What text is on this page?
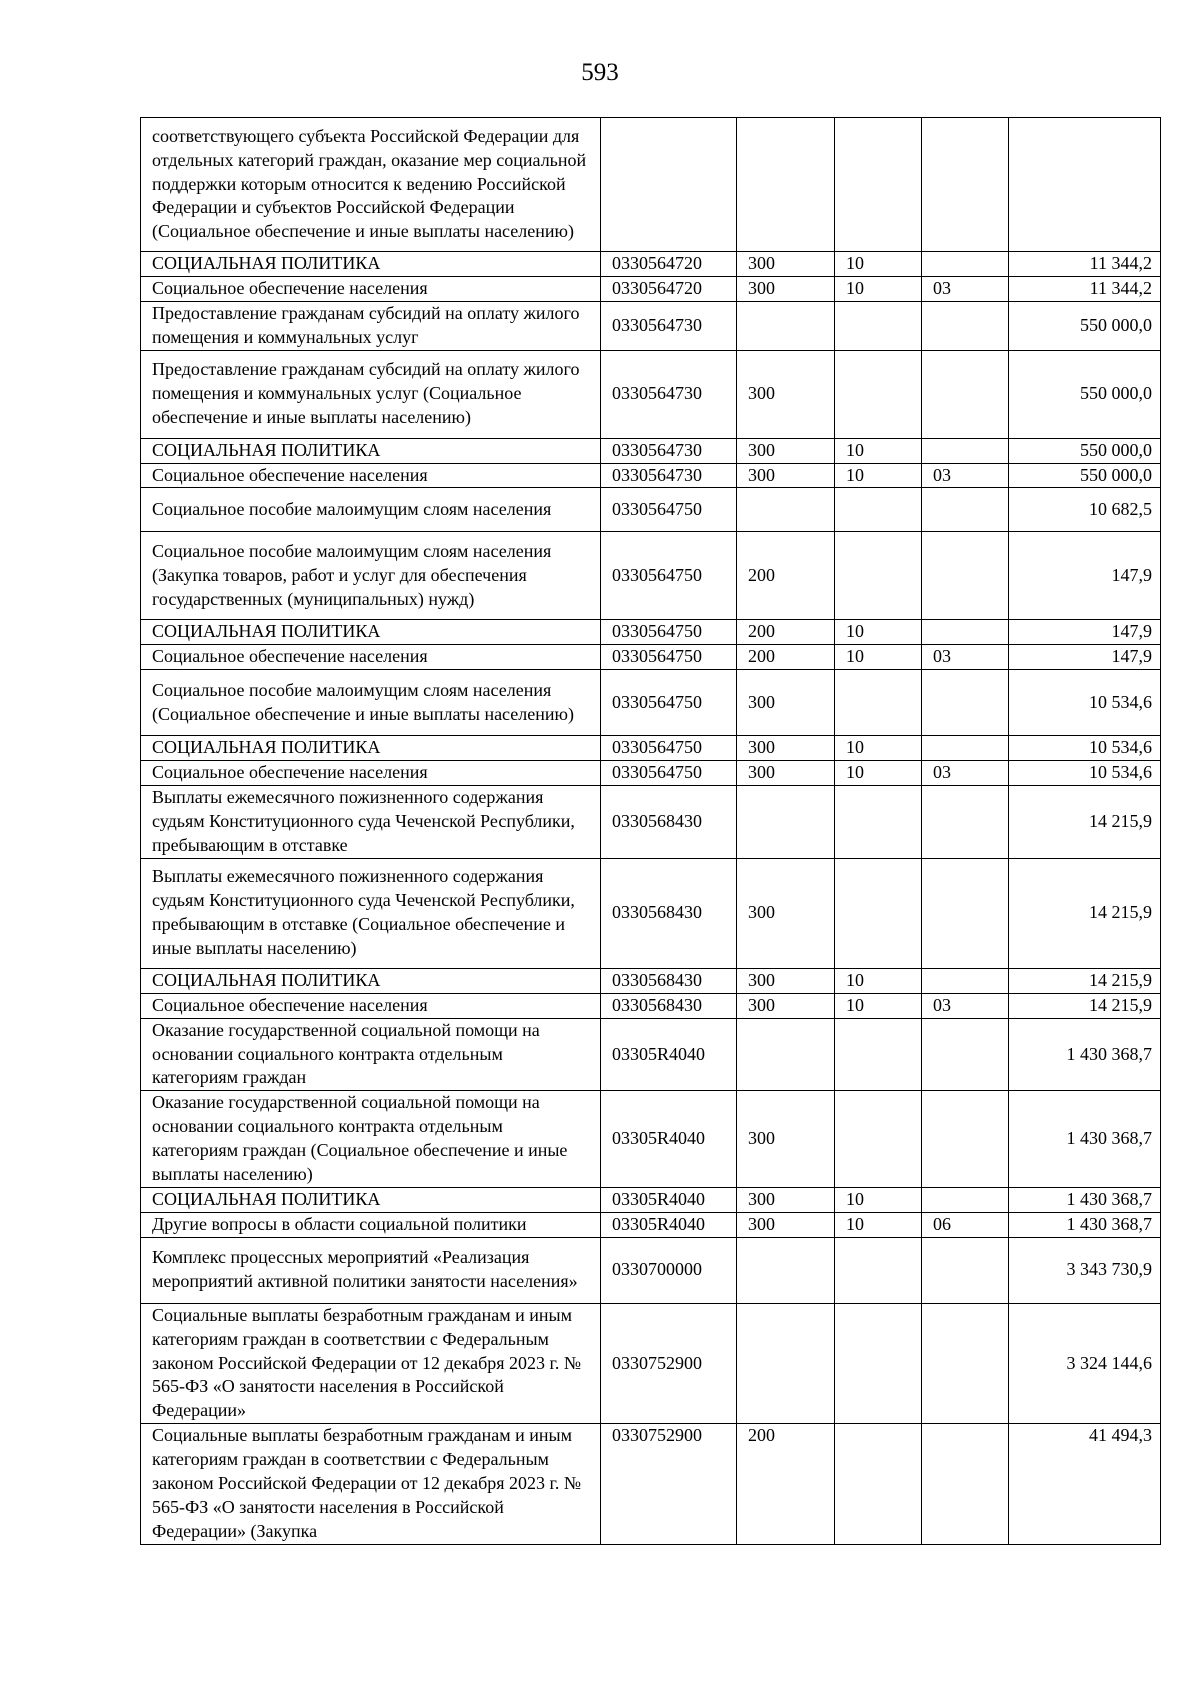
593
соответствующего субъекта Российской Федерации для отдельных категорий граждан, оказание мер социальной поддержки которым относится к ведению Российской Федерации и субъектов Российской Федерации (Социальное обеспечение и иные выплаты населению)					
СОЦИАЛЬНАЯ ПОЛИТИКА	0330564720	300	10		11 344,2
Социальное обеспечение населения	0330564720	300	10	03	11 344,2
Предоставление гражданам субсидий на оплату жилого помещения и коммунальных услуг	0330564730				550 000,0
Предоставление гражданам субсидий на оплату жилого помещения и коммунальных услуг (Социальное обеспечение и иные выплаты населению)	0330564730	300			550 000,0
СОЦИАЛЬНАЯ ПОЛИТИКА	0330564730	300	10		550 000,0
Социальное обеспечение населения	0330564730	300	10	03	550 000,0
Социальное пособие малоимущим слоям населения	0330564750				10 682,5
Социальное пособие малоимущим слоям населения (Закупка товаров, работ и услуг для обеспечения государственных (муниципальных) нужд)	0330564750	200			147,9
СОЦИАЛЬНАЯ ПОЛИТИКА	0330564750	200	10		147,9
Социальное обеспечение населения	0330564750	200	10	03	147,9
Социальное пособие малоимущим слоям населения (Социальное обеспечение и иные выплаты населению)	0330564750	300			10 534,6
СОЦИАЛЬНАЯ ПОЛИТИКА	0330564750	300	10		10 534,6
Социальное обеспечение населения	0330564750	300	10	03	10 534,6
Выплаты ежемесячного пожизненного содержания судьям Конституционного суда Чеченской Республики, пребывающим в отставке	0330568430				14 215,9
Выплаты ежемесячного пожизненного содержания судьям Конституционного суда Чеченской Республики, пребывающим в отставке (Социальное обеспечение и иные выплаты населению)	0330568430	300			14 215,9
СОЦИАЛЬНАЯ ПОЛИТИКА	0330568430	300	10		14 215,9
Социальное обеспечение населения	0330568430	300	10	03	14 215,9
Оказание государственной социальной помощи на основании социального контракта отдельным категориям граждан	03305R4040				1 430 368,7
Оказание государственной социальной помощи на основании социального контракта отдельным категориям граждан (Социальное обеспечение и иные выплаты населению)	03305R4040	300			1 430 368,7
СОЦИАЛЬНАЯ ПОЛИТИКА	03305R4040	300	10		1 430 368,7
Другие вопросы в области социальной политики	03305R4040	300	10	06	1 430 368,7
Комплекс процессных мероприятий «Реализация мероприятий активной политики занятости населения»	0330700000				3 343 730,9
Социальные выплаты безработным гражданам и иным категориям граждан в соответствии с Федеральным законом Российской Федерации от 12 декабря 2023 г. № 565-ФЗ «О занятости населения в Российской Федерации»	0330752900				3 324 144,6
Социальные выплаты безработным гражданам и иным категориям граждан в соответствии с Федеральным законом Российской Федерации от 12 декабря 2023 г. № 565-ФЗ «О занятости населения в Российской Федерации» (Закупка	0330752900	200			41 494,3
